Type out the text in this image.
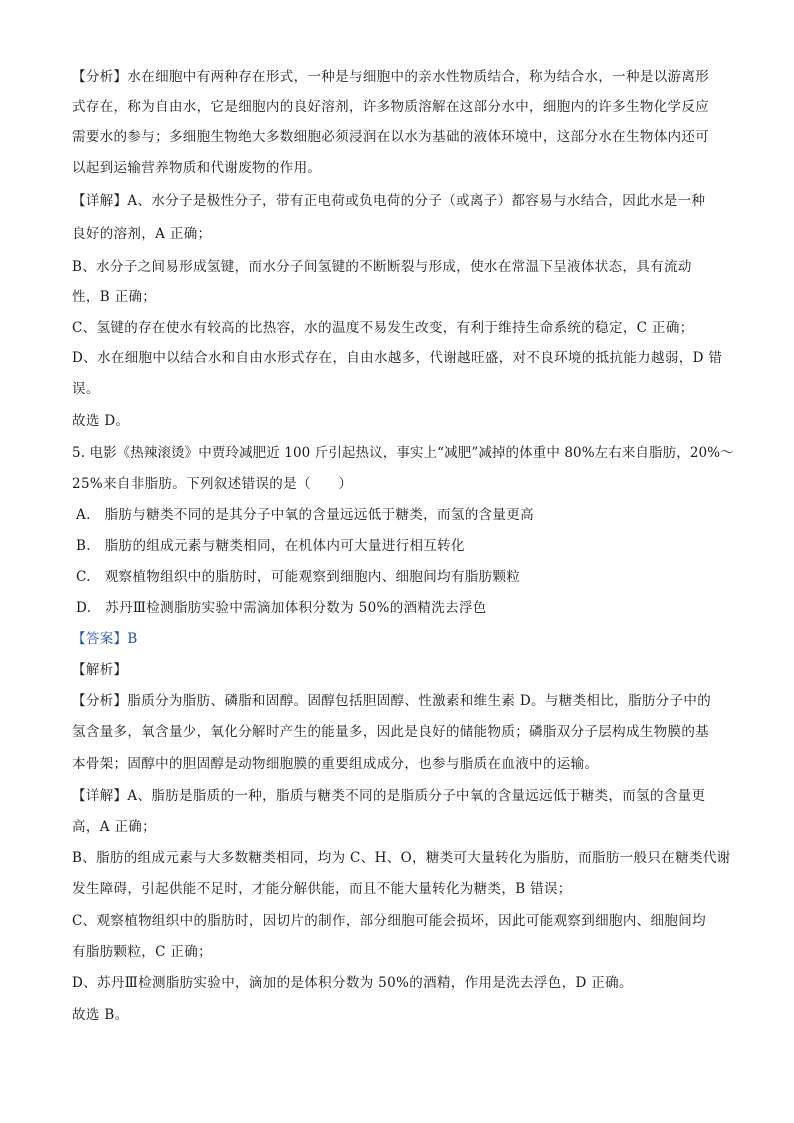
【分析】水在细胞中有两种存在形式，一种是与细胞中的亲水性物质结合，称为结合水，一种是以游离形
式存在，称为自由水，它是细胞内的良好溶剂，许多物质溶解在这部分水中，细胞内的许多生物化学反应
需要水的参与；多细胞生物绝大多数细胞必须浸润在以水为基础的液体环境中，这部分水在生物体内还可
以起到运输营养物质和代谢废物的作用。
【详解】A、水分子是极性分子，带有正电荷或负电荷的分子（或离子）都容易与水结合，因此水是一种
良好的溶剂，A 正确；
B、水分子之间易形成氢键，而水分子间氢键的不断断裂与形成，使水在常温下呈液体状态，具有流动
性，B 正确；
C、氢键的存在使水有较高的比热容，水的温度不易发生改变，有利于维持生命系统的稳定，C 正确；
D、水在细胞中以结合水和自由水形式存在，自由水越多，代谢越旺盛，对不良环境的抵抗能力越弱，D 错
误。
故选 D。
5. 电影《热辣滚烫》中贾玲减肥近 100 斤引起热议，事实上“减肥”减掉的体重中 80%左右来自脂肪，20%～
25%来自非脂肪。下列叙述错误的是（　　）
A.　脂肪与糖类不同的是其分子中氧的含量远远低于糖类，而氢的含量更高
B.　脂肪的组成元素与糖类相同，在机体内可大量进行相互转化
C.　观察植物组织中的脂肪时，可能观察到细胞内、细胞间均有脂肪颗粒
D.　苏丹Ⅲ检测脂肪实验中需滴加体积分数为 50%的酒精洗去浮色
【答案】B
【解析】
【分析】脂质分为脂肪、磷脂和固醇。固醇包括胆固醇、性激素和维生素 D。与糖类相比，脂肪分子中的
氢含量多，氧含量少，氧化分解时产生的能量多，因此是良好的储能物质；磷脂双分子层构成生物膜的基
本骨架；固醇中的胆固醇是动物细胞膜的重要组成成分，也参与脂质在血液中的运输。
【详解】A、脂肪是脂质的一种，脂质与糖类不同的是脂质分子中氧的含量远远低于糖类，而氢的含量更
高，A 正确；
B、脂肪的组成元素与大多数糖类相同，均为 C、H、O，糖类可大量转化为脂肪，而脂肪一般只在糖类代谢
发生障碍，引起供能不足时，才能分解供能，而且不能大量转化为糖类，B 错误；
C、观察植物组织中的脂肪时，因切片的制作，部分细胞可能会损坏，因此可能观察到细胞内、细胞间均
有脂肪颗粒，C 正确；
D、苏丹Ⅲ检测脂肪实验中，滴加的是体积分数为 50%的酒精，作用是洗去浮色，D 正确。
故选 B。
